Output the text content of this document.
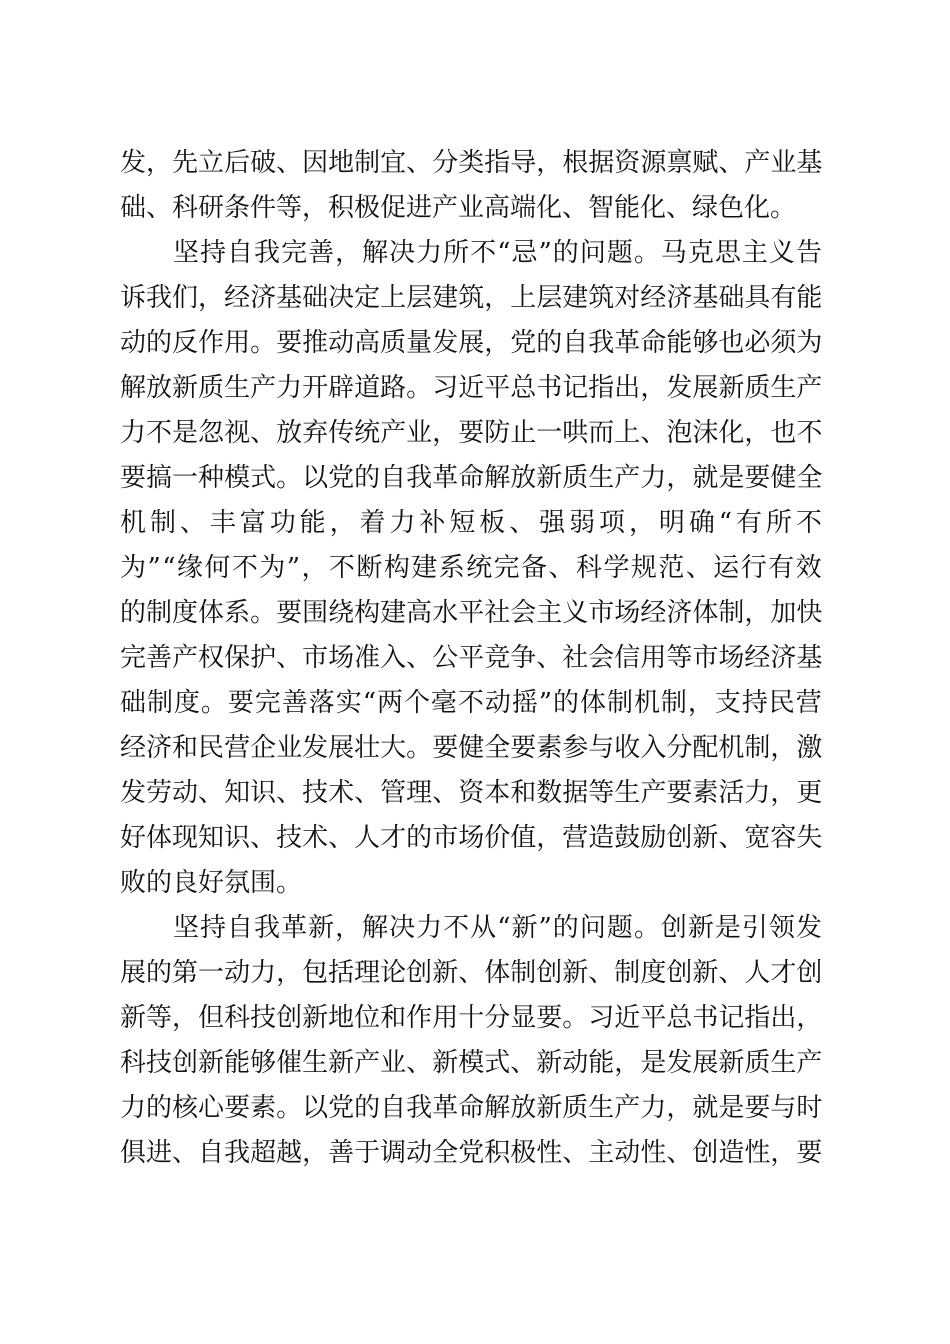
发 ， 先 立 后 破 、 因 地 制 宜 、 分 类 指 导 ， 根 据 资 源 禀 赋 、 产 业 基
础、科研条件等，积极促进产业高端化、智能化、绿色化。
坚 持 自 我 完 善 ， 解 决 力 所 不 “ 忌 ” 的 问 题 。 马 克 思 主 义 告
诉 我 们 ， 经 济 基 础 决 定 上 层 建 筑 ， 上 层 建 筑 对 经 济 基 础 具 有 能
动 的 反 作 用 。 要 推 动 高 质 量 发 展 ， 党 的 自 我 革 命 能 够 也 必 须 为
解 放 新 质 生 产 力 开 辟 道 路 。 习 近 平 总 书 记 指 出 ， 发 展 新 质 生 产
力 不 是 忽 视 、 放 弃 传 统 产 业 ， 要 防 止 一 哄 而 上 、 泡 沫 化 ， 也 不
要 搞 一 种 模 式 。 以 党 的 自 我 革 命 解 放 新 质 生 产 力 ， 就 是 要 健 全
机 制 、 丰 富 功 能 ， 着 力 补 短 板 、 强 弱 项 ， 明 确 “ 有 所 不
为 ” “ 缘 何 不 为 ” ， 不 断 构 建 系 统 完 备 、 科 学 规 范 、 运 行 有 效
的 制 度 体 系 。 要 围 绕 构 建 高 水 平 社 会 主 义 市 场 经 济 体 制 ， 加 快
完 善 产 权 保 护 、 市 场 准 入 、 公 平 竞 争 、 社 会 信 用 等 市 场 经 济 基
础 制 度 。 要 完 善 落 实 “ 两 个 毫 不 动 摇 ” 的 体 制 机 制 ， 支 持 民 营
经 济 和 民 营 企 业 发 展 壮 大 。 要 健 全 要 素 参 与 收 入 分 配 机 制 ， 激
发 劳 动 、 知 识 、 技 术 、 管 理 、 资 本 和 数 据 等 生 产 要 素 活 力 ， 更
好 体 现 知 识 、 技 术 、 人 才 的 市 场 价 值 ， 营 造 鼓 励 创 新 、 宽 容 失
败的良好氛围。
坚 持 自 我 革 新 ， 解 决 力 不 从 “ 新 ” 的 问 题 。 创 新 是 引 领 发
展 的 第 一 动 力 ， 包 括 理 论 创 新 、 体 制 创 新 、 制 度 创 新 、 人 才 创
新 等 ， 但 科 技 创 新 地 位 和 作 用 十 分 显 要 。 习 近 平 总 书 记 指 出 ，
科 技 创 新 能 够 催 生 新 产 业 、 新 模 式 、 新 动 能 ， 是 发 展 新 质 生 产
力 的 核 心 要 素 。 以 党 的 自 我 革 命 解 放 新 质 生 产 力 ， 就 是 要 与 时
俱 进 、 自 我 超 越 ， 善 于 调 动 全 党 积 极 性 、 主 动 性 、 创 造 性 ， 要
